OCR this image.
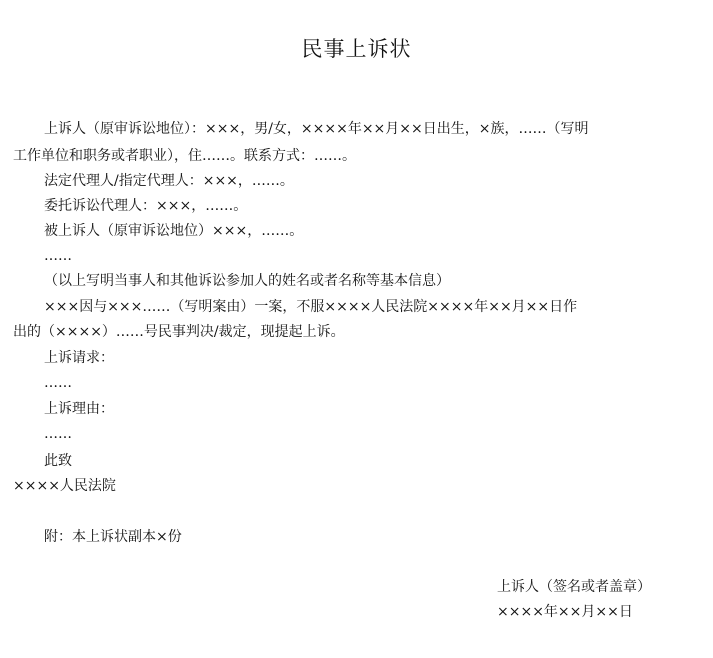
民事上诉状
上诉人（原审诉讼地位）：×××，男/女，××××年××月××日出生，×族，……（写明
工作单位和职务或者职业），住……。联系方式：……。
法定代理人/指定代理人：×××，……。
委托诉讼代理人：×××，……。
被上诉人（原审诉讼地位）×××，……。
……
（以上写明当事人和其他诉讼参加人的姓名或者名称等基本信息）
×××因与×××……（写明案由）一案，不服××××人民法院××××年××月××日作
出的（××××）……号民事判决/裁定，现提起上诉。
上诉请求：
……
上诉理由：
……
此致
××××人民法院
附：本上诉状副本×份
上诉人（签名或者盖章）
××××年××月××日
